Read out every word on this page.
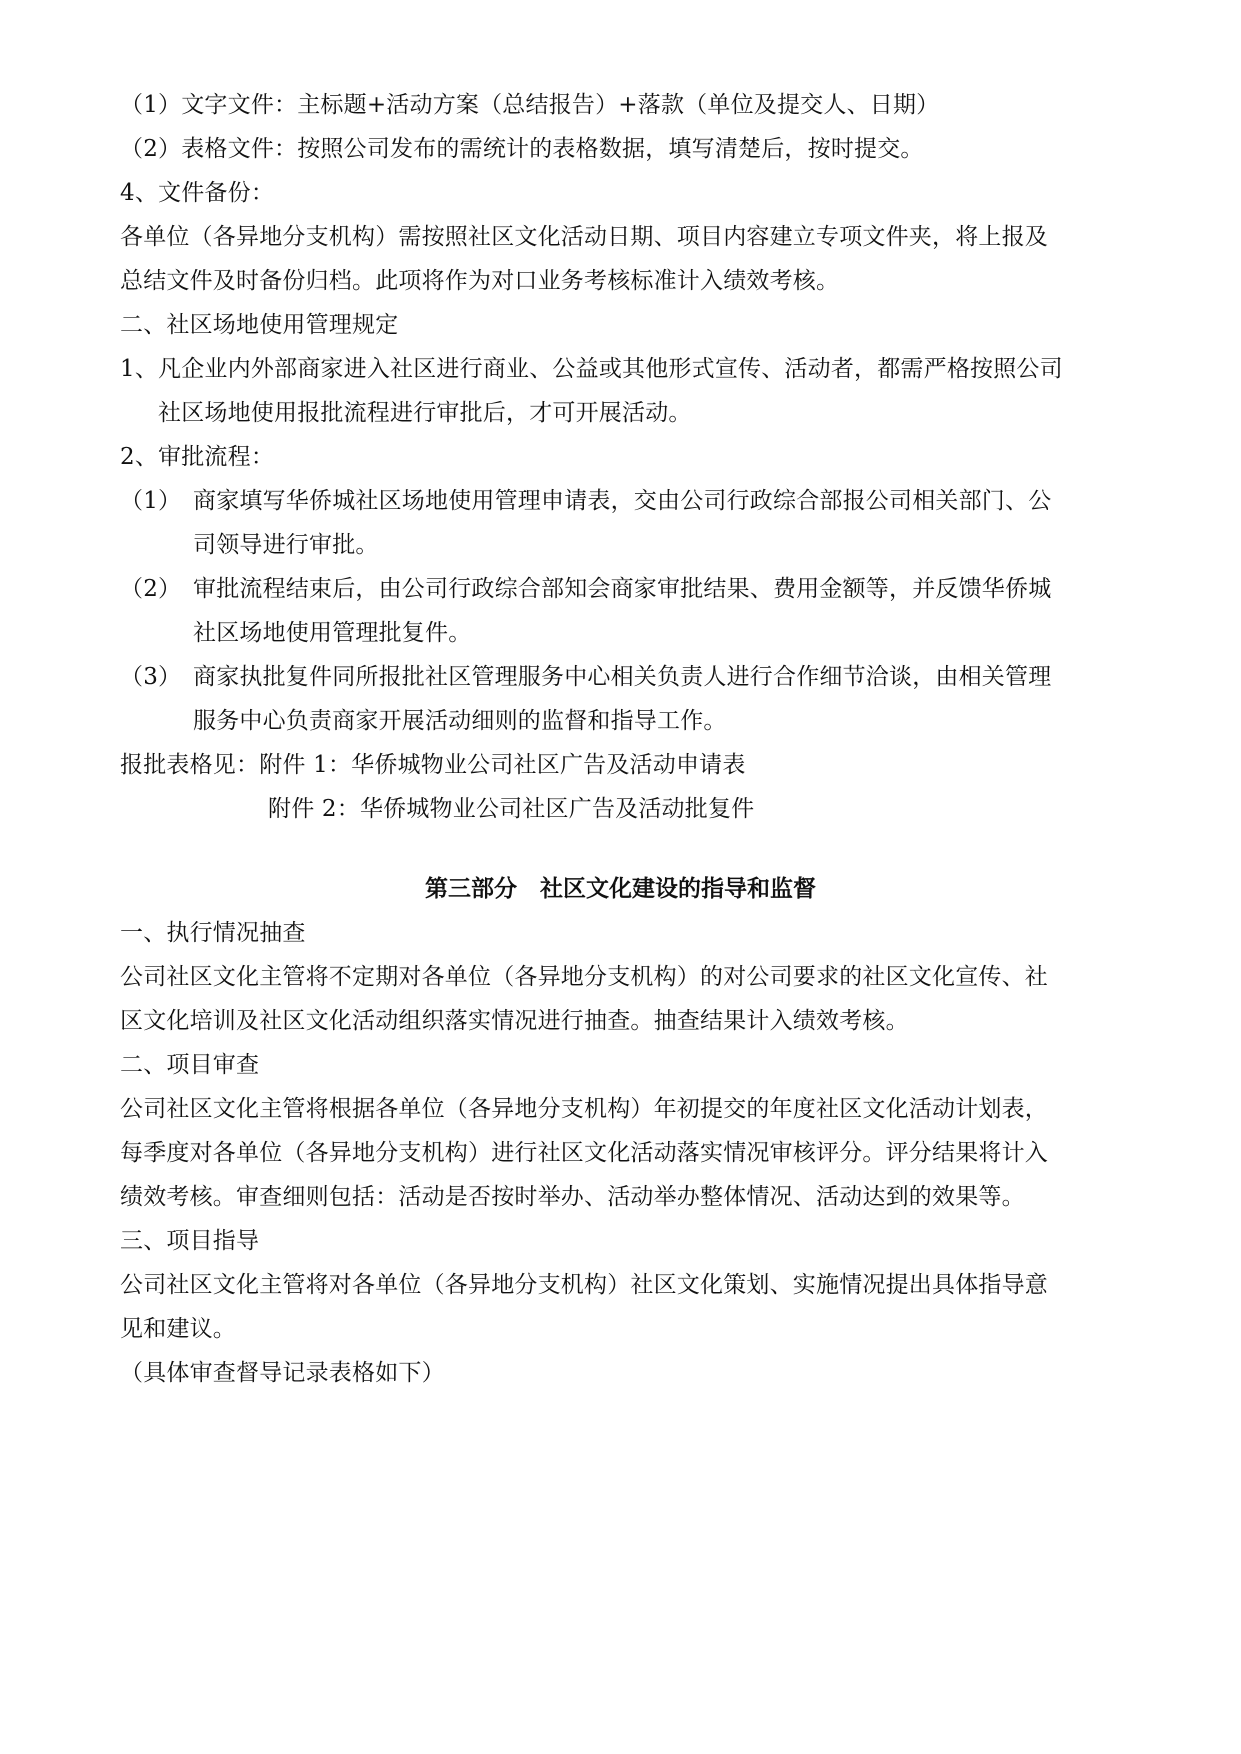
（1）文字文件：主标题+活动方案（总结报告）+落款（单位及提交人、日期）
（2）表格文件：按照公司发布的需统计的表格数据，填写清楚后，按时提交。
4、文件备份：
各单位（各异地分支机构）需按照社区文化活动日期、项目内容建立专项文件夹，将上报及
总结文件及时备份归档。此项将作为对口业务考核标准计入绩效考核。
二、社区场地使用管理规定
1、凡企业内外部商家进入社区进行商业、公益或其他形式宣传、活动者，都需严格按照公司
社区场地使用报批流程进行审批后，才可开展活动。
2、审批流程：
（1） 商家填写华侨城社区场地使用管理申请表，交由公司行政综合部报公司相关部门、公
司领导进行审批。
（2） 审批流程结束后，由公司行政综合部知会商家审批结果、费用金额等，并反馈华侨城
社区场地使用管理批复件。
（3） 商家执批复件同所报批社区管理服务中心相关负责人进行合作细节洽谈，由相关管理
服务中心负责商家开展活动细则的监督和指导工作。
报批表格见：附件 1：华侨城物业公司社区广告及活动申请表
附件 2：华侨城物业公司社区广告及活动批复件
第三部分　社区文化建设的指导和监督
一、执行情况抽查
公司社区文化主管将不定期对各单位（各异地分支机构）的对公司要求的社区文化宣传、社
区文化培训及社区文化活动组织落实情况进行抽查。抽查结果计入绩效考核。
二、项目审查
公司社区文化主管将根据各单位（各异地分支机构）年初提交的年度社区文化活动计划表，
每季度对各单位（各异地分支机构）进行社区文化活动落实情况审核评分。评分结果将计入
绩效考核。审查细则包括：活动是否按时举办、活动举办整体情况、活动达到的效果等。
三、项目指导
公司社区文化主管将对各单位（各异地分支机构）社区文化策划、实施情况提出具体指导意
见和建议。
（具体审查督导记录表格如下）
